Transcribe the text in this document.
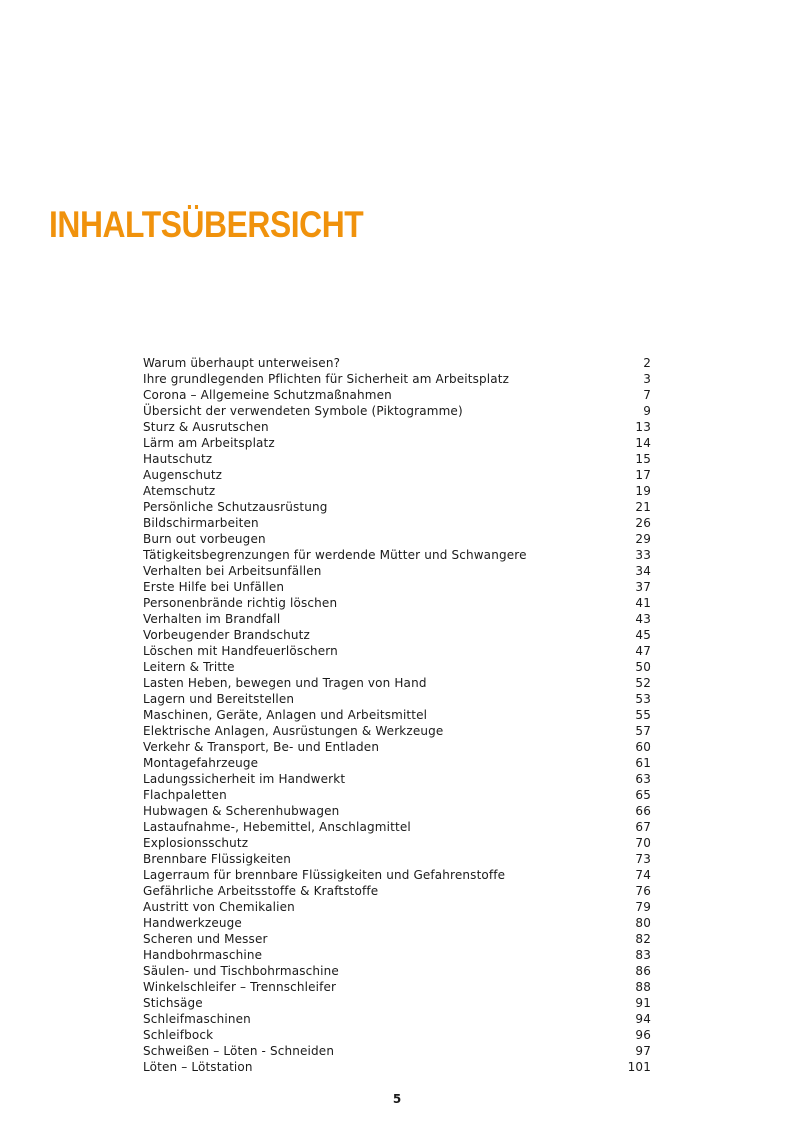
INHALTSÜBERSICHT
Warum überhaupt unterweisen?	2
Ihre grundlegenden Pflichten für Sicherheit am Arbeitsplatz	3
Corona – Allgemeine Schutzmaßnahmen	7
Übersicht der verwendeten Symbole (Piktogramme)	9
Sturz & Ausrutschen	13
Lärm am Arbeitsplatz	14
Hautschutz	15
Augenschutz	17
Atemschutz	19
Persönliche Schutzausrüstung	21
Bildschirmarbeiten	26
Burn out vorbeugen	29
Tätigkeitsbegrenzungen für werdende Mütter und Schwangere	33
Verhalten bei Arbeitsunfällen	34
Erste Hilfe bei Unfällen	37
Personenbrände richtig löschen	41
Verhalten im Brandfall	43
Vorbeugender Brandschutz	45
Löschen mit Handfeuerlöschern	47
Leitern & Tritte	50
Lasten Heben, bewegen und Tragen von Hand	52
Lagern und Bereitstellen	53
Maschinen, Geräte, Anlagen und Arbeitsmittel	55
Elektrische Anlagen, Ausrüstungen & Werkzeuge	57
Verkehr & Transport, Be- und Entladen	60
Montagefahrzeuge	61
Ladungssicherheit im Handwerkt	63
Flachpaletten	65
Hubwagen & Scherenhubwagen	66
Lastaufnahme-, Hebemittel, Anschlagmittel	67
Explosionsschutz	70
Brennbare Flüssigkeiten	73
Lagerraum für brennbare Flüssigkeiten und Gefahrenstoffe	74
Gefährliche Arbeitsstoffe & Kraftstoffe	76
Austritt von Chemikalien	79
Handwerkzeuge	80
Scheren und Messer	82
Handbohrmaschine	83
Säulen- und Tischbohrmaschine	86
Winkelschleifer – Trennschleifer	88
Stichsäge	91
Schleifmaschinen	94
Schleifbock	96
Schweißen – Löten - Schneiden	97
Löten – Lötstation	101
5
